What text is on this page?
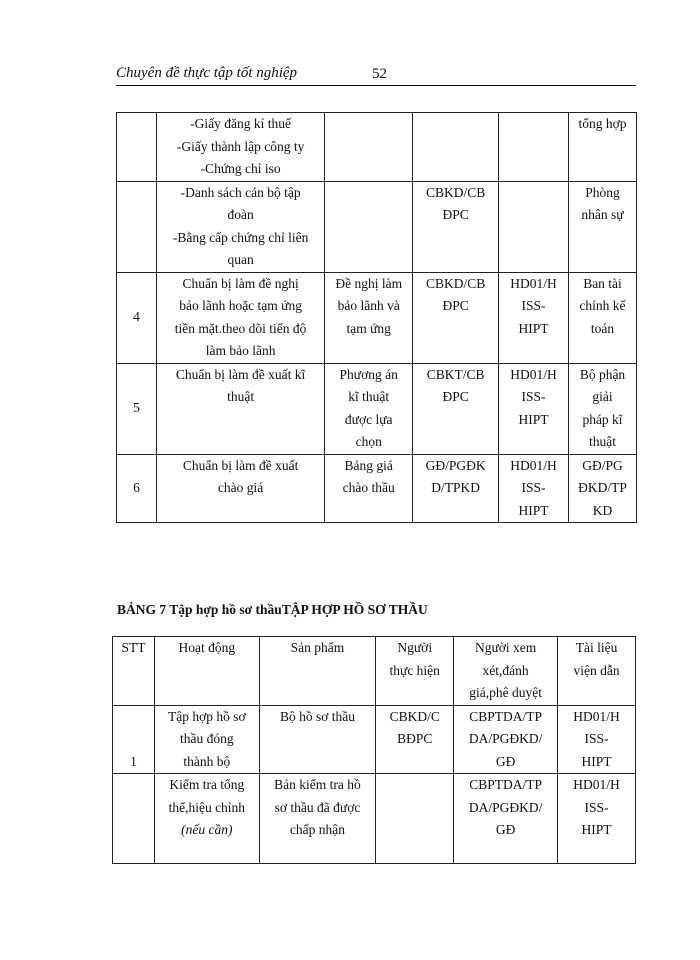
Chuyên đề thực tập tốt nghiệp	52

	-Giấy đăng kí thuế
-Giấy thành lập công ty
-Chứng chỉ iso				tổng hợp

	-Danh sách cán bộ tập
đoàn
-Bằng cấp chứng chỉ liên
quan		CBKD/CB
ĐPC		Phòng
nhân sự

4	Chuẩn bị làm đề nghị
bảo lãnh hoặc tạm ứng
tiền mặt.theo dõi tiến độ
làm bảo lãnh	Đề nghị làm
bảo lãnh và
tạm ứng	CBKD/CB
ĐPC	HD01/H
ISS-
HIPT	Ban tài
chính kế
toán

5	Chuẩn bị làm đề xuất kĩ
thuật	Phương án
kĩ thuật
được lựa
chọn	CBKT/CB
ĐPC	HD01/H
ISS-
HIPT	Bộ phận
giải
pháp kĩ
thuật

6	Chuẩn bị làm đề xuất
chào giá	Bảng giá
chào thầu	GĐ/PGĐK
D/TPKD	HD01/H
ISS-
HIPT	GĐ/PG
ĐKD/TP
KD
BẢNG 7 Tập hợp hồ sơ thầuTẬP HỢP HỒ SƠ THẦU
STT	Hoạt động	Sản phẩm	Người
thực hiện	Người xem
xét,đánh
giá,phê duyệt	Tài liệu
viện dẫn

1	Tập hợp hồ sơ
thầu đóng
thành bộ	Bộ hồ sơ thầu	CBKD/C
BĐPC	CBPTDA/TP
DA/PGĐKD/
GĐ	HD01/H
ISS-
HIPT

	Kiểm tra tổng
thể,hiệu chỉnh
(nếu cần)	Bản kiểm tra hồ
sơ thầu đã được
chấp nhận		CBPTDA/TP
DA/PGĐKD/
GĐ	HD01/H
ISS-
HIPT
